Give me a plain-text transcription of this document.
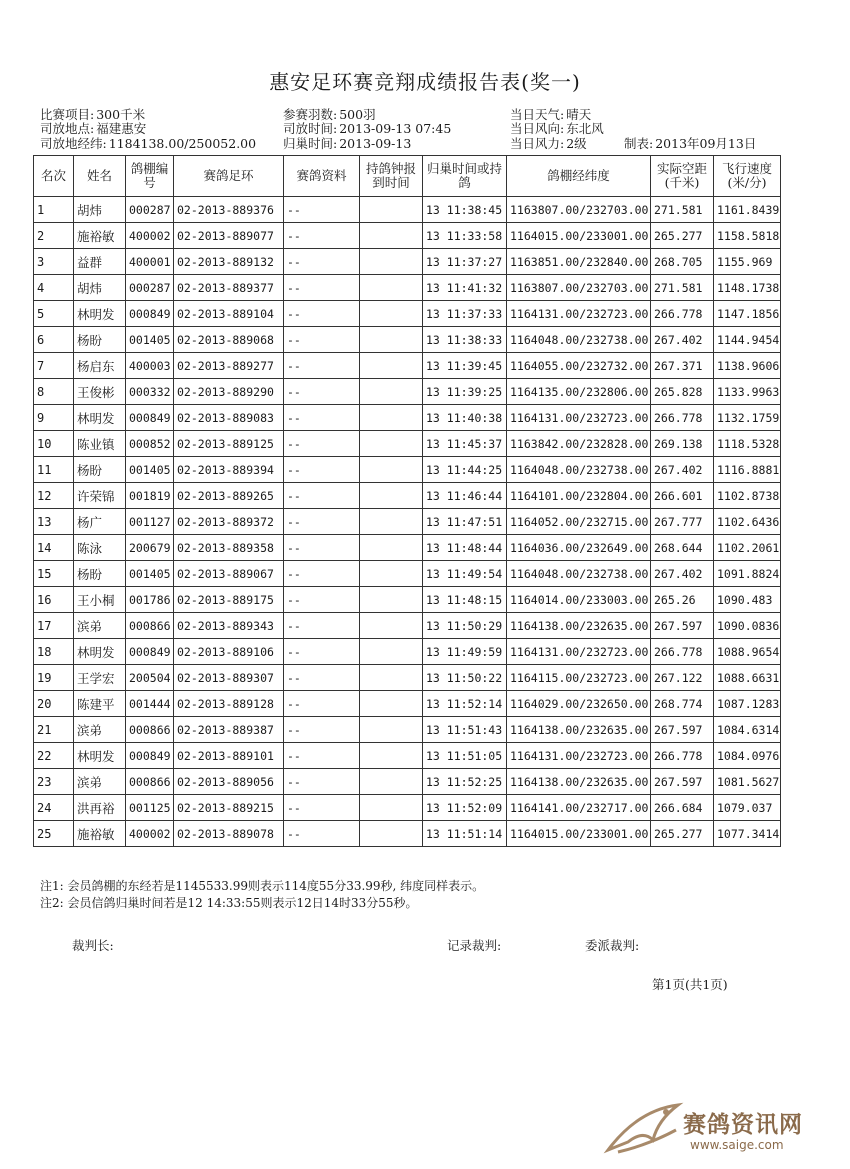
惠安足环赛竞翔成绩报告表(奖一)
比赛项目: 300千米	参赛羽数: 500羽	当日天气: 晴天
司放地点: 福建惠安	司放时间: 2013-09-13 07:45	当日风向: 东北风
司放地经纬: 1184138.00/250052.00 归巢时间: 2013-09-13	当日风力: 2级	制表: 2013年09月13日
名次	姓名	鸽棚编号	赛鸽足环	赛鸽资料	持鸽钟报到时间	归巢时间或持鸽	鸽棚经纬度	实际空距(千米)	飞行速度(米/分)
1	胡炜	000287	02-2013-889376	--		13 11:38:45	1163807.00/232703.00	271.581	1161.8439
2	施裕敏	400002	02-2013-889077	--		13 11:33:58	1164015.00/233001.00	265.277	1158.5818
3	益群	400001	02-2013-889132	--		13 11:37:27	1163851.00/232840.00	268.705	1155.969
4	胡炜	000287	02-2013-889377	--		13 11:41:32	1163807.00/232703.00	271.581	1148.1738
5	林明发	000849	02-2013-889104	--		13 11:37:33	1164131.00/232723.00	266.778	1147.1856
6	杨盼	001405	02-2013-889068	--		13 11:38:33	1164048.00/232738.00	267.402	1144.9454
7	杨启东	400003	02-2013-889277	--		13 11:39:45	1164055.00/232732.00	267.371	1138.9606
8	王俊彬	000332	02-2013-889290	--		13 11:39:25	1164135.00/232806.00	265.828	1133.9963
9	林明发	000849	02-2013-889083	--		13 11:40:38	1164131.00/232723.00	266.778	1132.1759
10	陈业镇	000852	02-2013-889125	--		13 11:45:37	1163842.00/232828.00	269.138	1118.5328
11	杨盼	001405	02-2013-889394	--		13 11:44:25	1164048.00/232738.00	267.402	1116.8881
12	许荣锦	001819	02-2013-889265	--		13 11:46:44	1164101.00/232804.00	266.601	1102.8738
13	杨广	001127	02-2013-889372	--		13 11:47:51	1164052.00/232715.00	267.777	1102.6436
14	陈泳	200679	02-2013-889358	--		13 11:48:44	1164036.00/232649.00	268.644	1102.2061
15	杨盼	001405	02-2013-889067	--		13 11:49:54	1164048.00/232738.00	267.402	1091.8824
16	王小桐	001786	02-2013-889175	--		13 11:48:15	1164014.00/233003.00	265.26	1090.483
17	滨弟	000866	02-2013-889343	--		13 11:50:29	1164138.00/232635.00	267.597	1090.0836
18	林明发	000849	02-2013-889106	--		13 11:49:59	1164131.00/232723.00	266.778	1088.9654
19	王学宏	200504	02-2013-889307	--		13 11:50:22	1164115.00/232723.00	267.122	1088.6631
20	陈建平	001444	02-2013-889128	--		13 11:52:14	1164029.00/232650.00	268.774	1087.1283
21	滨弟	000866	02-2013-889387	--		13 11:51:43	1164138.00/232635.00	267.597	1084.6314
22	林明发	000849	02-2013-889101	--		13 11:51:05	1164131.00/232723.00	266.778	1084.0976
23	滨弟	000866	02-2013-889056	--		13 11:52:25	1164138.00/232635.00	267.597	1081.5627
24	洪再裕	001125	02-2013-889215	--		13 11:52:09	1164141.00/232717.00	266.684	1079.037
25	施裕敏	400002	02-2013-889078	--		13 11:51:14	1164015.00/233001.00	265.277	1077.3414
注1: 会员鸽棚的东经若是1145533.99则表示114度55分33.99秒, 纬度同样表示。
注2: 会员信鸽归巢时间若是12 14:33:55则表示12日14时33分55秒。
裁判长:	记录裁判:	委派裁判:
第1页(共1页)
赛鸽资讯网
www.saige.com
